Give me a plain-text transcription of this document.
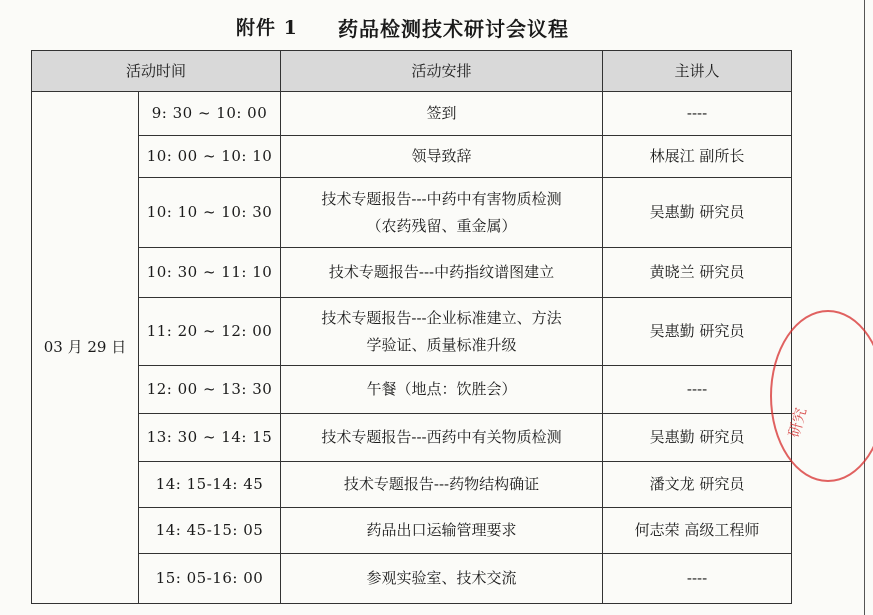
附件 1 药品检测技术研讨会议程
活动时间		活动安排	主讲人
03 月 29 日	9: 30 ~ 10: 00	签到	----
	10: 00 ~ 10: 10	领导致辞	林展江 副所长
	10: 10 ~ 10: 30	技术专题报告---中药中有害物质检测
（农药残留、重金属）	吴惠勤 研究员
	10: 30 ~ 11: 10	技术专题报告---中药指纹谱图建立	黄晓兰 研究员
	11: 20 ~ 12: 00	技术专题报告---企业标准建立、方法
学验证、质量标准升级	吴惠勤 研究员
	12: 00 ~ 13: 30	午餐（地点：饮胜会）	----
	13: 30 ~ 14: 15	技术专题报告---西药中有关物质检测	吴惠勤 研究员
	14: 15-14: 45	技术专题报告---药物结构确证	潘文龙 研究员
	14: 45-15: 05	药品出口运输管理要求	何志荣 高级工程师
	15: 05-16: 00	参观实验室、技术交流	----
研究
